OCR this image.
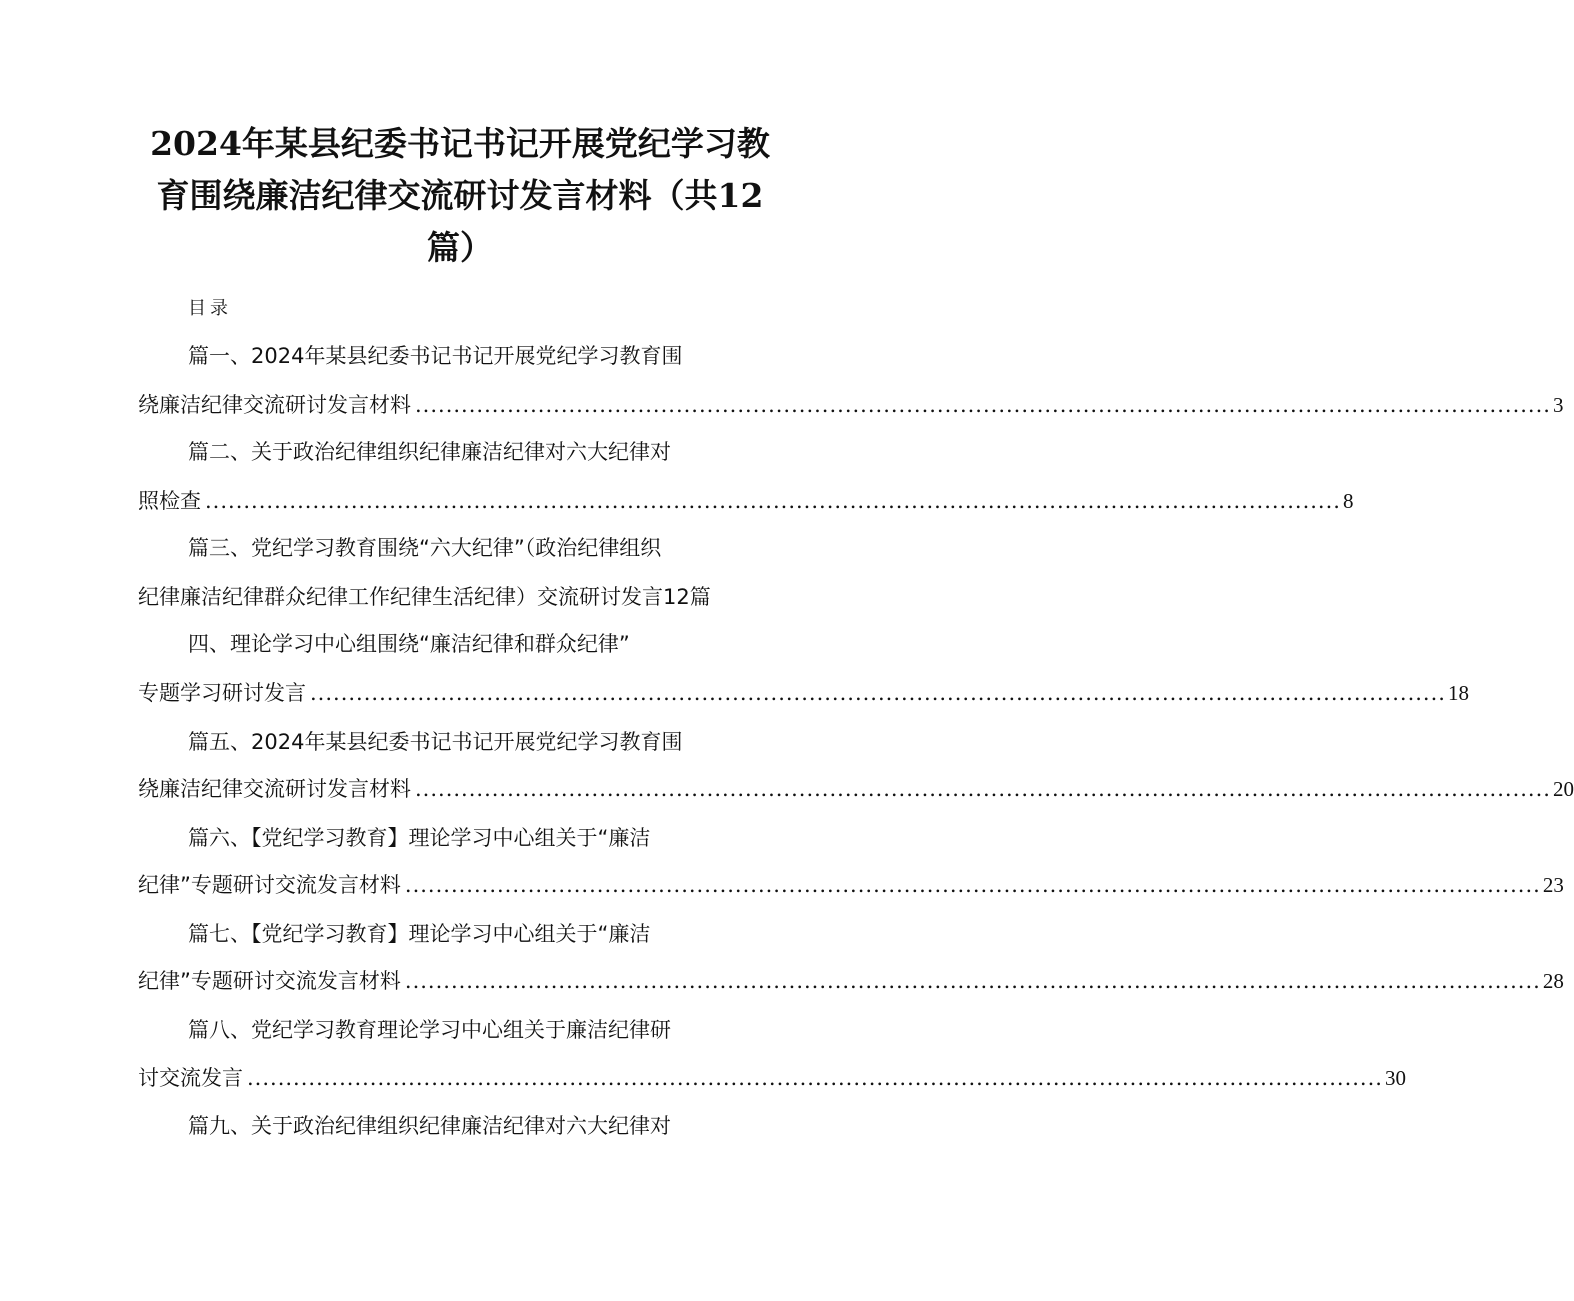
2024年某县纪委书记书记开展党纪学习教
育围绕廉洁纪律交流研讨发言材料（共12
篇）
目录
篇一、2024年某县纪委书记书记开展党纪学习教育围
绕廉洁纪律交流研讨发言材料 .................................................................................................................................................... 3
篇二、关于政治纪律组织纪律廉洁纪律对六大纪律对
照检查 .................................................................................................................................................... 8
篇三、党纪学习教育围绕“六大纪律”（政治纪律组织
纪律廉洁纪律群众纪律工作纪律生活纪律）交流研讨发言12篇
四、理论学习中心组围绕“廉洁纪律和群众纪律”
专题学习研讨发言 .................................................................................................................................................... 18
篇五、2024年某县纪委书记书记开展党纪学习教育围
绕廉洁纪律交流研讨发言材料 .................................................................................................................................................... 20
篇六、【党纪学习教育】理论学习中心组关于“廉洁
纪律”专题研讨交流发言材料 .................................................................................................................................................... 23
篇七、【党纪学习教育】理论学习中心组关于“廉洁
纪律”专题研讨交流发言材料 .................................................................................................................................................... 28
篇八、党纪学习教育理论学习中心组关于廉洁纪律研
讨交流发言 .................................................................................................................................................... 30
篇九、关于政治纪律组织纪律廉洁纪律对六大纪律对
